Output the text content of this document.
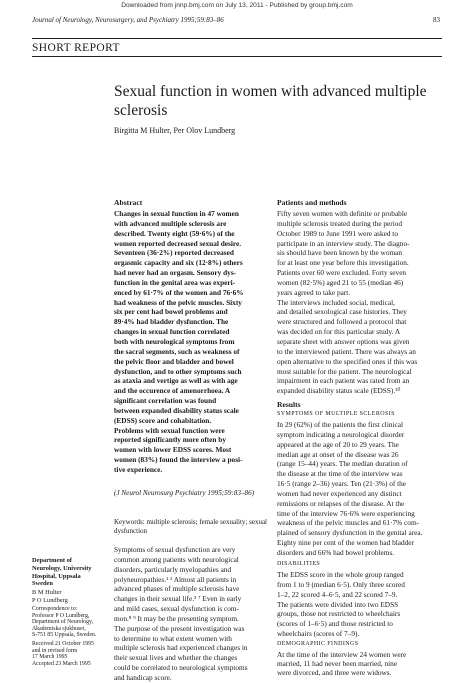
Downloaded from jnnp.bmj.com on July 13, 2011 - Published by group.bmj.com
Journal of Neurology, Neurosurgery, and Psychiatry 1995;59:83–86	83
SHORT REPORT
Sexual function in women with advanced multiple
sclerosis
Birgitta M Hulter, Per Olov Lundberg
Abstract
Changes in sexual function in 47 women
with advanced multiple sclerosis are
described. Twenty eight (59·6%) of the
women reported decreased sexual desire.
Seventeen (36·2%) reported decreased
orgasmic capacity and six (12·8%) others
had never had an orgasm. Sensory dys-
function in the genital area was experi-
enced by 61·7% of the women and 76·6%
had weakness of the pelvic muscles. Sixty
six per cent had bowel problems and
89·4% had bladder dysfunction. The
changes in sexual function correlated
both with neurological symptoms from
the sacral segments, such as weakness of
the pelvic floor and bladder and bowel
dysfunction, and to other symptoms such
as ataxia and vertigo as well as with age
and the occurence of amenorrhoea. A
significant correlation was found
between expanded disability status scale
(EDSS) score and cohabitation.
Problems with sexual function were
reported significantly more often by
women with lower EDSS scores. Most
women (83%) found the interview a posi-
tive experience.
(J Neurol Neurosurg Psychiatry 1995;59:83–86)
Keywords: multiple sclerosis; female sexuality; sexual
dysfunction
Symptoms of sexual dysfunction are very
common among patients with neurological
disorders, particularly myelopathies and
polyneuropathies.¹ ² Almost all patients in
advanced phases of multiple sclerosis have
changes in their sexual life.³ ⁷ Even in early
and mild cases, sexual dysfunction is com-
mon.⁸ ⁹ It may be the presenting symptom.
The purpose of the present investigation was
to determine to what extent women with
multiple sclerosis had experienced changes in
their sexual lives and whether the changes
could be correlated to neurological symptoms
and handicap score.
Department of
Neurology, University
Hospital, Uppsala
Sweden
B M Hulter
P O Lundberg
Correspondence to:
Professor P O Lundberg,
Department of Neurology,
Akademiska sjukhuset,
S-751 85 Uppsala, Sweden.
Received 21 October 1995
and in revised form
17 March 1995
Accepted 23 March 1995
Patients and methods
Fifty seven women with definite or probable
multiple sclerosis treated during the period
October 1989 to June 1991 were asked to
participate in an interview study. The diagno-
sis should have been known by the woman
for at least one year before this investigation.
Patients over 60 were excluded. Forty seven
women (82·5%) aged 21 to 55 (median 46)
years agreed to take part.
The interviews included social, medical,
and detailed sexological case histories. They
were structured and followed a protocol that
was decided on for this particular study. A
separate sheet with answer options was given
to the interviewed patient. There was always an
open alternative to the specified ones if this was
most suitable for the patient. The neurological
impairment in each patient was rated from an
expanded disability status scale (EDSS).¹⁰
Results
SYMPTOMS OF MULTIPLE SCLEROSIS
In 29 (62%) of the patients the first clinical
symptom indicating a neurological disorder
appeared at the age of 20 to 29 years. The
median age at onset of the disease was 26
(range 15–44) years. The median duration of
the disease at the time of the interview was
16·5 (range 2–36) years. Ten (21·3%) of the
women had never experienced any distinct
remissions or relapses of the disease. At the
time of the interview 76·6% were experiencing
weakness of the pelvic muscles and 61·7% com-
plained of sensory dysfunction in the genital area.
Eighty nine per cent of the women had bladder
disorders and 66% had bowel problems.
DISABILITIES
The EDSS score in the whole group ranged
from 1 to 9 (median 6·5). Only three scored
1–2, 22 scored 4–6·5, and 22 scored 7–9.
The patients were divided into two EDSS
groups, those not restricted to wheelchairs
(scores of 1–6·5) and those restricted to
wheelchairs (scores of 7–9).
DEMOGRAPHIC FINDINGS
At the time of the interview 24 women were
married, 11 had never been married, nine
were divorced, and three were widows.
